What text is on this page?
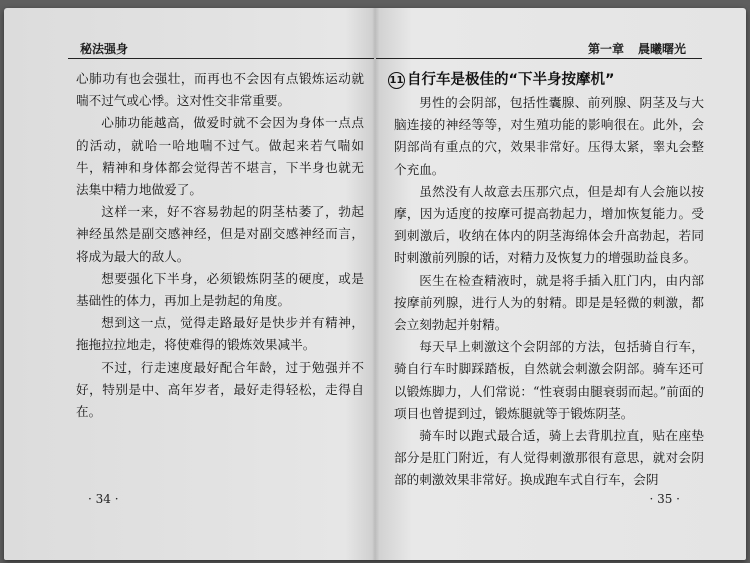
秘法强身

心肺功有也会强壮，而再也不会因有点锻炼运动就喘不过气或心悸。这对性交非常重要。

心肺功能越高，做爱时就不会因为身体一点点的活动，就哈一哈地喘不过气。做起来若气喘如牛，精神和身体都会觉得苦不堪言，下半身也就无法集中精力地做爱了。

这样一来，好不容易勃起的阴茎枯萎了，勃起神经虽然是副交感神经，但是对副交感神经而言，将成为最大的敌人。

想要强化下半身，必须锻炼阴茎的硬度，或是基础性的体力，再加上是勃起的角度。

想到这一点，觉得走路最好是快步并有精神，拖拖拉拉地走，将使难得的锻炼效果减半。

不过，行走速度最好配合年龄，过于勉强并不好，特别是中、高年岁者，最好走得轻松，走得自在。

· 34 ·
第一章 晨曦曙光
11 自行车是极佳的“下半身按摩机”

男性的会阴部，包括性囊腺、前列腺、阴茎及与大脑连接的神经等等，对生殖功能的影响很在。此外，会阴部尚有重点的穴，效果非常好。压得太紧，睾丸会整个充血。

虽然没有人故意去压那穴点，但是却有人会施以按摩，因为适度的按摩可提高勃起力，增加恢复能力。受到刺激后，收纳在体内的阴茎海绵体会升高勃起，若同时刺激前列腺的话，对精力及恢复力的增强助益良多。

医生在检查精液时，就是将手插入肛门内，由内部按摩前列腺，进行人为的射精。即是是轻微的刺激，都会立刻勃起并射精。

每天早上刺激这个会阴部的方法，包括骑自行车，骑自行车时脚踩踏板，自然就会刺激会阴部。骑车还可以锻炼脚力，人们常说：“性衰弱由腿衰弱而起。”前面的项目也曾提到过，锻炼腿就等于锻炼阴茎。

骑车时以跑式最合适，骑上去背肌拉直，贴在座垫部分是肛门附近，有人觉得刺激那很有意思，就对会阴部的刺激效果非常好。换成跑车式自行车，会阴

· 35 ·
